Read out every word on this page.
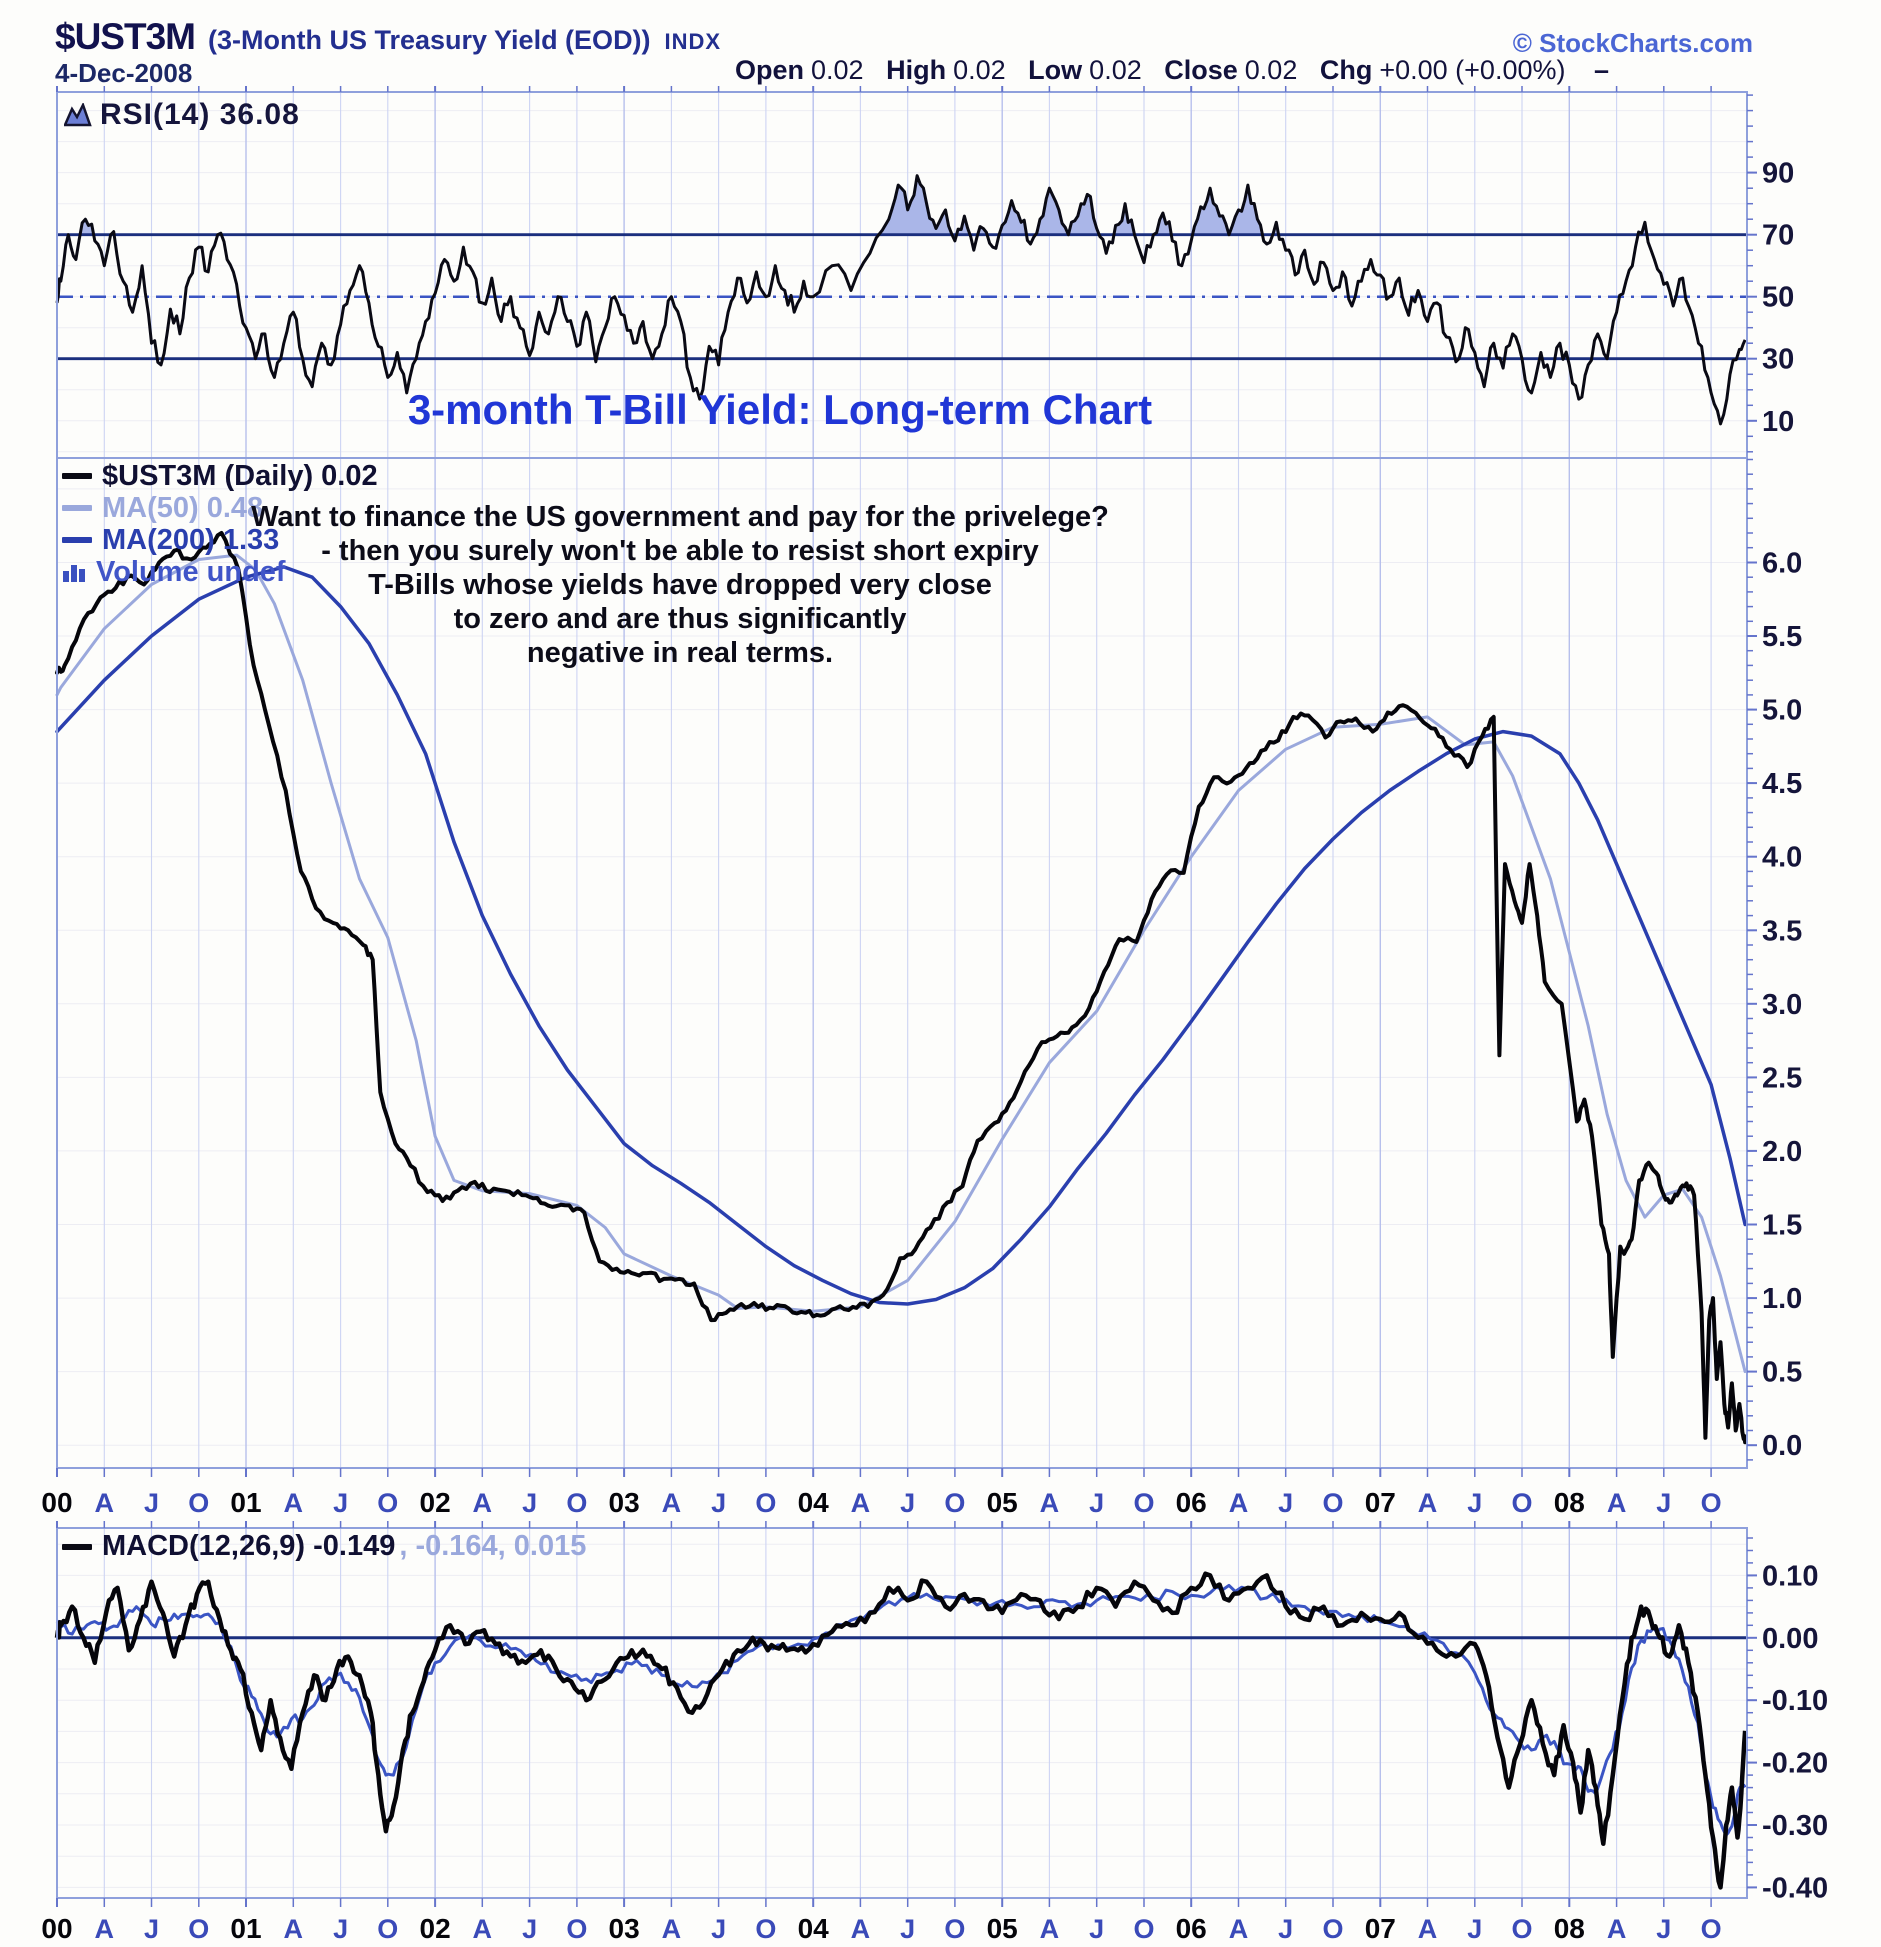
90
70
50
30
10
6.0
5.5
5.0
4.5
4.0
3.5
3.0
2.5
2.0
1.5
1.0
0.5
0.0
0.10
0.00
-0.10
-0.20
-0.30
-0.40
00 A J O 01 A J O 02 A J O 03 A J O 04 A J O 05 A J O 06 A J O 07 A J O 08 A J O
00 A J O 01 A J O 02 A J O 03 A J O 04 A J O 05 A J O 06 A J O 07 A J O 08 A J O
$UST3M (3-Month US Treasury Yield (EOD)) INDX	© StockCharts.com
4-Dec-2008	Open 0.02 High 0.02 Low 0.02 Close 0.02 Chg +0.00 (+0.00%) –
RSI(14) 36.08
$UST3M (Daily) 0.02
MA(50) 0.48
MA(200) 1.33
Volume undef
3-month T-Bill Yield: Long-term Chart
Want to finance the US government and pay for the privelege?
- then you surely won't be able to resist short expiry
T-Bills whose yields have dropped very close
to zero and are thus significantly
negative in real terms.
MACD(12,26,9) -0.149 , -0.164, 0.015
